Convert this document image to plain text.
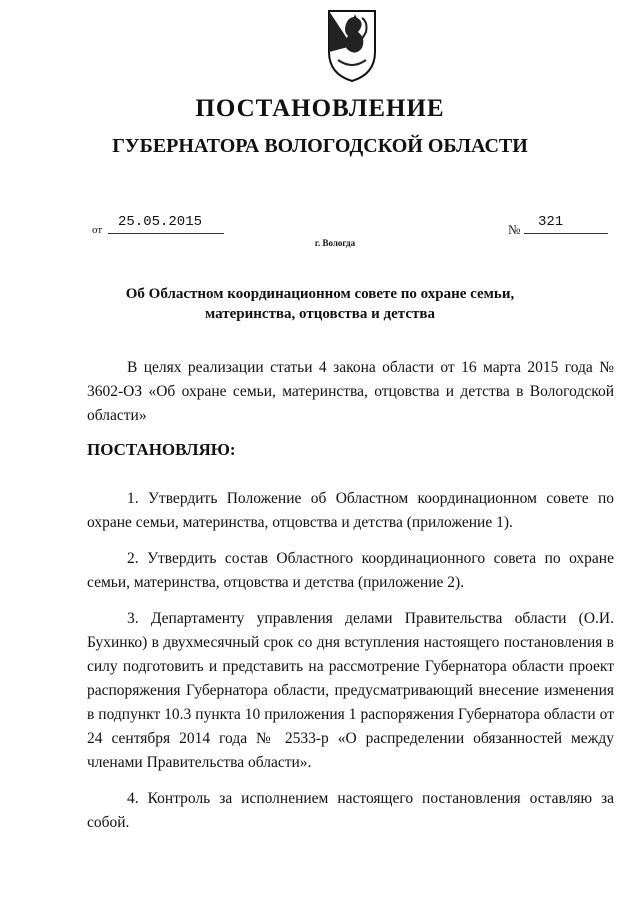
ПОСТАНОВЛЕНИЕ
ГУБЕРНАТОРА ВОЛОГОДСКОЙ ОБЛАСТИ
от 25.05.2015	№ 321
г. Вологда
Об Областном координационном совете по охране семьи, материнства, отцовства и детства
В целях реализации статьи 4 закона области от 16 марта 2015 года № 3602-ОЗ «Об охране семьи, материнства, отцовства и детства в Вологодской области»
ПОСТАНОВЛЯЮ:

1. Утвердить Положение об Областном координационном совете по охране семьи, материнства, отцовства и детства (приложение 1).

2. Утвердить состав Областного координационного совета по охране семьи, материнства, отцовства и детства (приложение 2).

3. Департаменту управления делами Правительства области (О.И. Бухинко) в двухмесячный срок со дня вступления настоящего постановления в силу подготовить и представить на рассмотрение Губернатора области проект распоряжения Губернатора области, предусматривающий внесение изменения в подпункт 10.3 пункта 10 приложения 1 распоряжения Губернатора области от 24 сентября 2014 года № 2533-р «О распределении обязанностей между членами Правительства области».

4. Контроль за исполнением настоящего постановления оставляю за собой.
